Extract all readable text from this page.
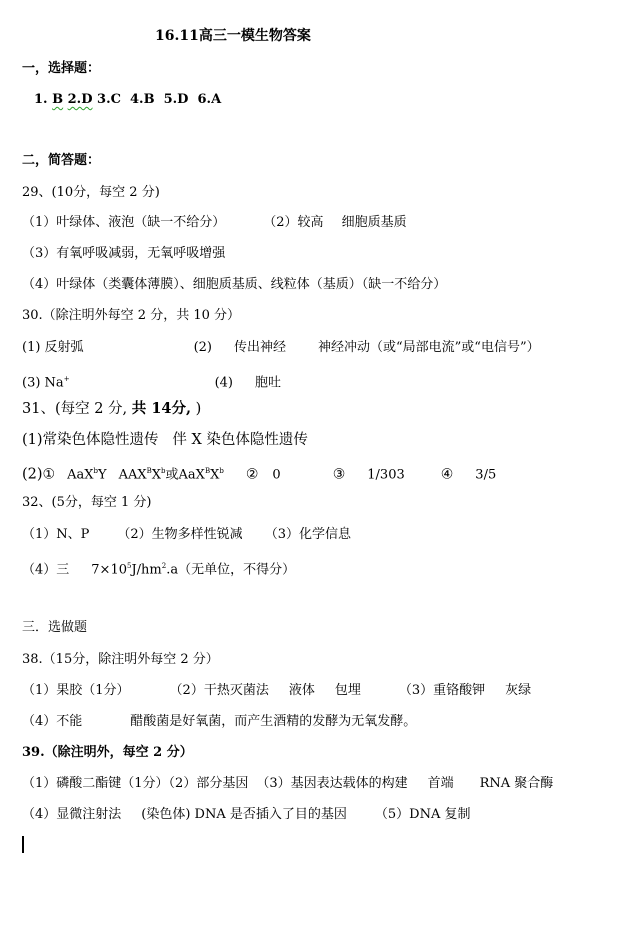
16.11高三一模生物答案
一，选择题：
1. B 2.D 3.C  4.B  5.D  6.A
二，简答题：
29、(10分，每空 2 分)
（1）叶绿体、液泡（缺一不给分）	（2）较高 细胞质基质
（3）有氧呼吸减弱，无氧呼吸增强
（4）叶绿体（类囊体薄膜）、细胞质基质、线粒体（基质）（缺一不给分）
30.（除注明外每空 2 分，共 10 分）
(1) 反射弧	(2) 传出神经 神经冲动（或“局部电流”或“电信号”）
(3) Na+	(4) 胞吐
31、(每空 2 分, 共 14分, )
(1)常染色体隐性遗传   伴 X 染色体隐性遗传
(2)① AaX$^b$Y $AAX^BX^b$或$AaX^BX^b$ ② 0	③ 1/303	④ 3/5
32、(5分，每空 1 分)
（1）N、P （2）生物多样性锐减 （3）化学信息
（4）三 $7\times 10^5J/hm^2.a$（无单位，不得分）
三．选做题
38.（15分，除注明外每空 2 分）
（1）果胶（1分）	（2）干热灭菌法 液体 包埋	（3）重铬酸钾 灰绿
（4）不能	醋酸菌是好氧菌，而产生酒精的发酵为无氧发酵。
39.（除注明外，每空 2 分）
（1）磷酸二酯键（1分）（2）部分基因 （3）基因表达载体的构建 首端 RNA 聚合酶
（4）显微注射法 (染色体) DNA 是否插入了目的基因 （5）DNA 复制
